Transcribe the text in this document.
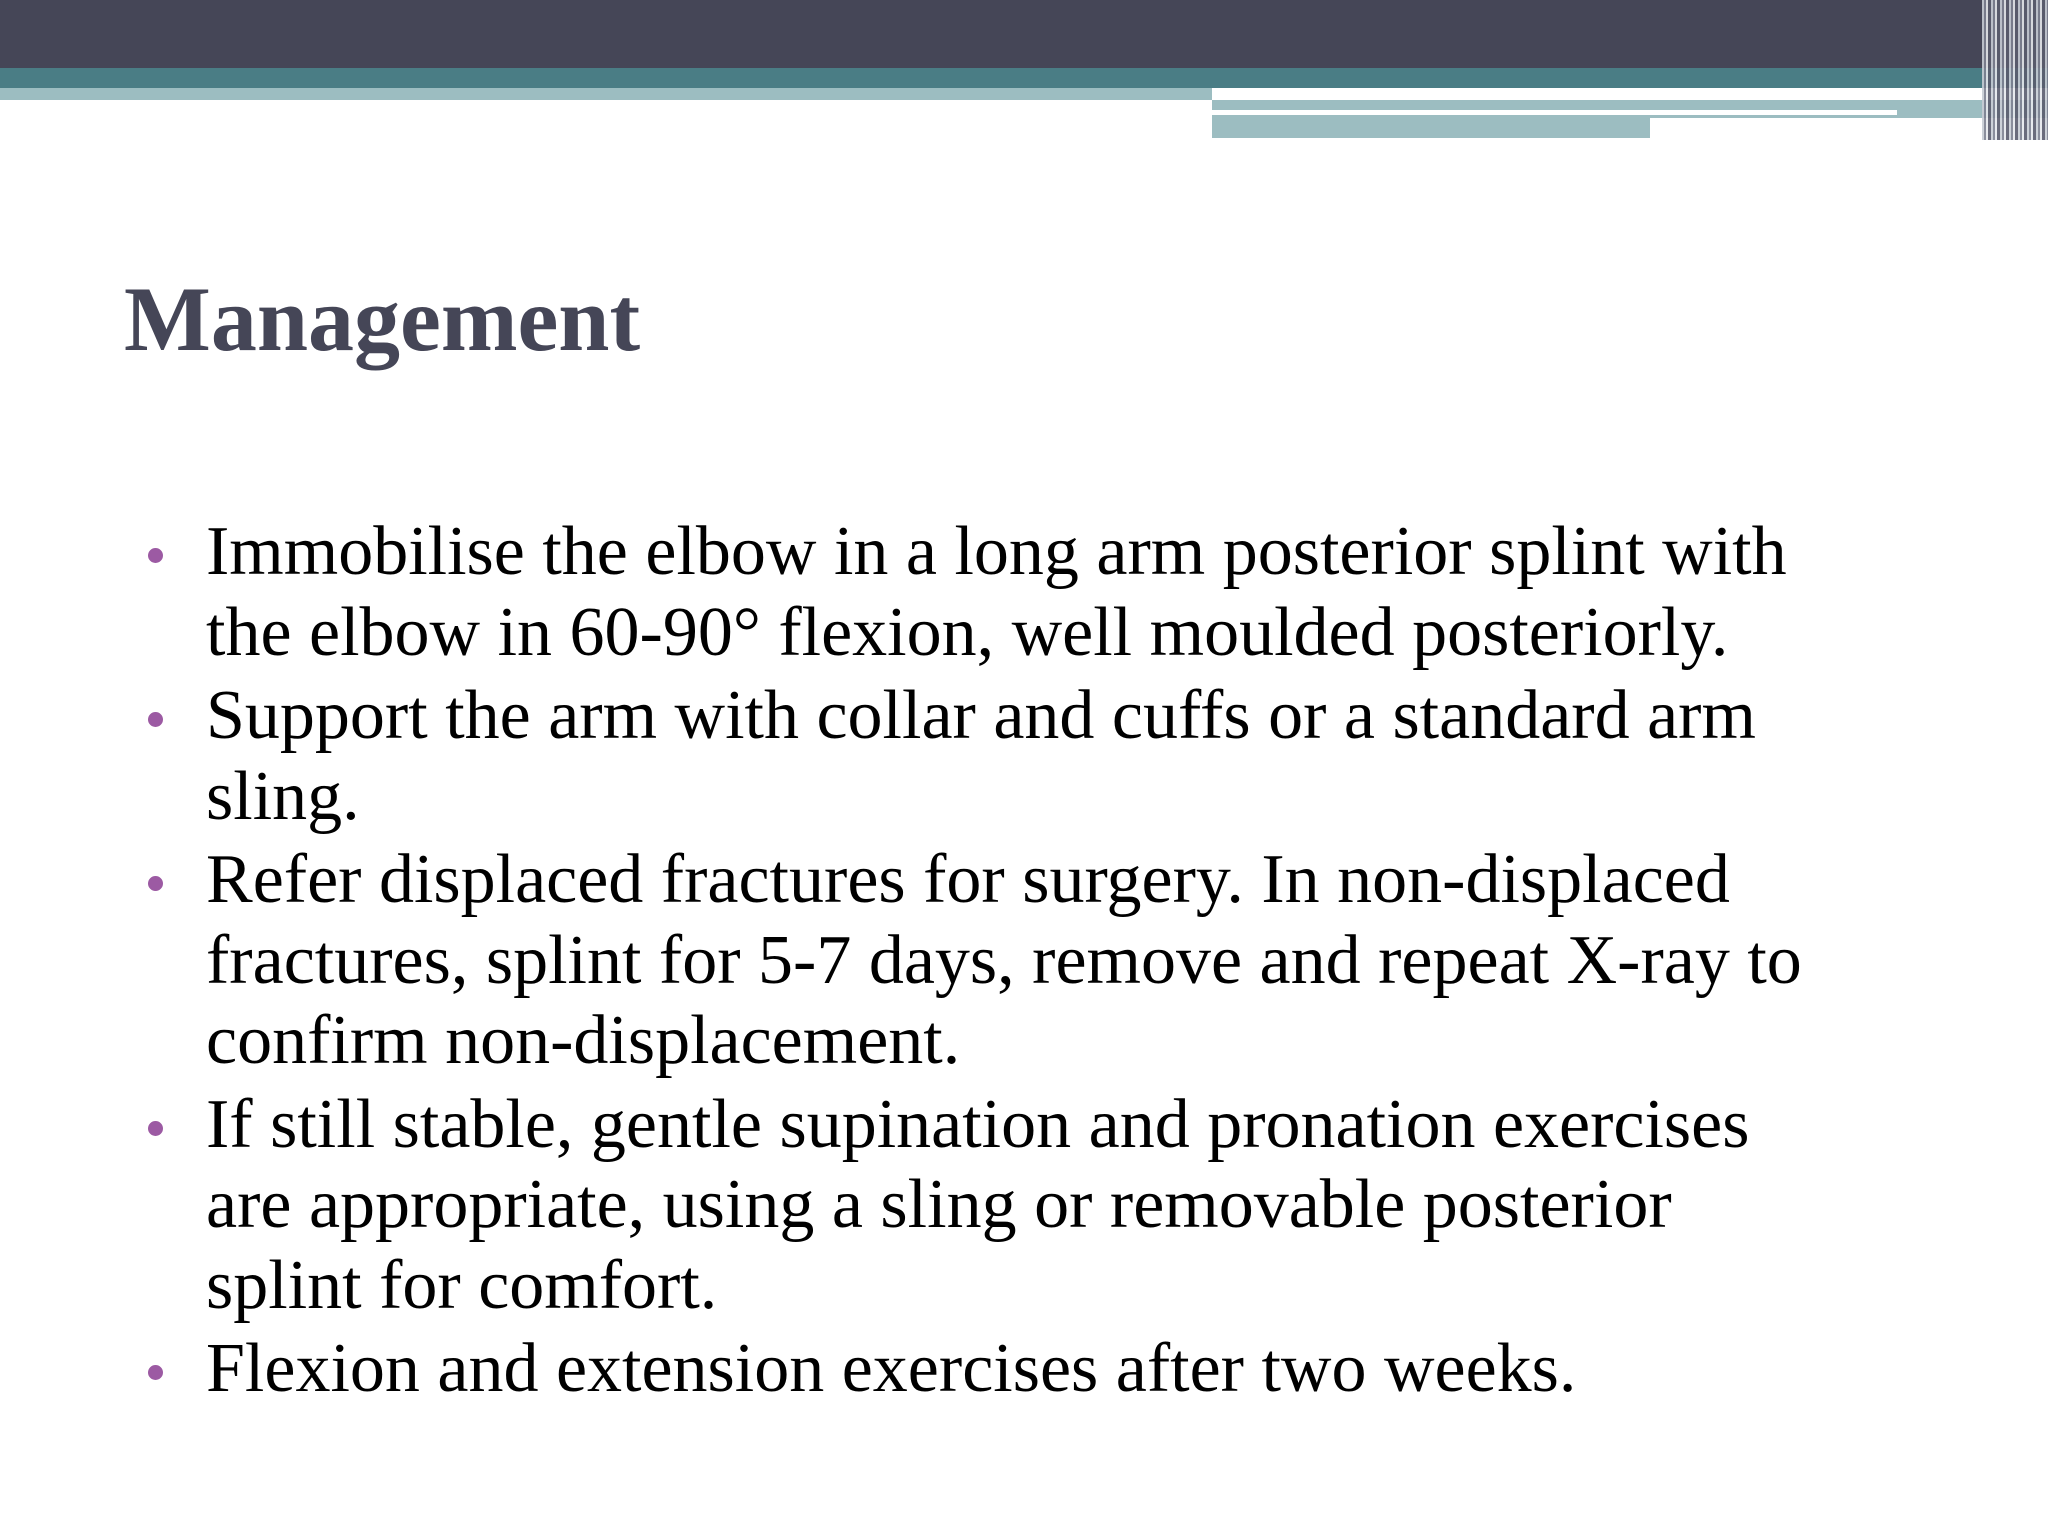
Management
Immobilise the elbow in a long arm posterior splint with
the elbow in 60-90° flexion, well moulded posteriorly.
Support the arm with collar and cuffs or a standard arm
sling.
Refer displaced fractures for surgery. In non-displaced
fractures, splint for 5-7 days, remove and repeat X-ray to
confirm non-displacement.
If still stable, gentle supination and pronation exercises
are appropriate, using a sling or removable posterior
splint for comfort.
Flexion and extension exercises after two weeks.
